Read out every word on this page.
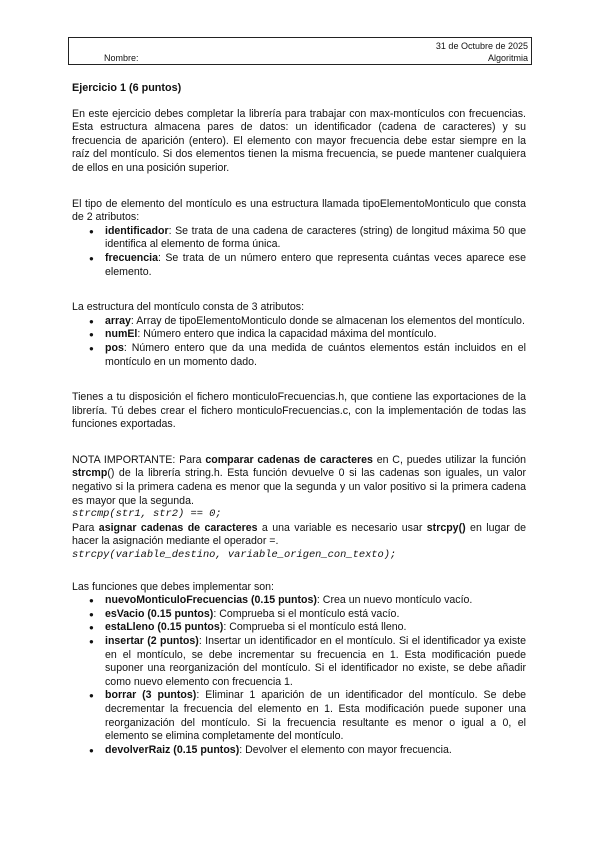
31 de Octubre de 2025
Nombre:	Algoritmia

Ejercicio 1 (6 puntos)

En este ejercicio debes completar la librería para trabajar con max-montículos con frecuencias. Esta estructura almacena pares de datos: un identificador (cadena de caracteres) y su frecuencia de aparición (entero). El elemento con mayor frecuencia debe estar siempre en la raíz del montículo. Si dos elementos tienen la misma frecuencia, se puede mantener cualquiera de ellos en una posición superior.

El tipo de elemento del montículo es una estructura llamada tipoElementoMonticulo que consta de 2 atributos:

● identificador: Se trata de una cadena de caracteres (string) de longitud máxima 50 que identifica al elemento de forma única.
● frecuencia: Se trata de un número entero que representa cuántas veces aparece ese elemento.

La estructura del montículo consta de 3 atributos:

● array: Array de tipoElementoMonticulo donde se almacenan los elementos del montículo.
● numEl: Número entero que indica la capacidad máxima del montículo.
● pos: Número entero que da una medida de cuántos elementos están incluidos en el montículo en un momento dado.

Tienes a tu disposición el fichero monticuloFrecuencias.h, que contiene las exportaciones de la librería. Tú debes crear el fichero monticuloFrecuencias.c, con la implementación de todas las funciones exportadas.

NOTA IMPORTANTE: Para comparar cadenas de caracteres en C, puedes utilizar la función strcmp() de la librería string.h. Esta función devuelve 0 si las cadenas son iguales, un valor negativo si la primera cadena es menor que la segunda y un valor positivo si la primera cadena es mayor que la segunda.

strcmp(str1, str2) == 0;

Para asignar cadenas de caracteres a una variable es necesario usar strcpy() en lugar de hacer la asignación mediante el operador =.

strcpy(variable_destino, variable_origen_con_texto);

Las funciones que debes implementar son:

● nuevoMonticuloFrecuencias (0.15 puntos): Crea un nuevo montículo vacío.
● esVacio (0.15 puntos): Comprueba si el montículo está vacío.
● estaLleno (0.15 puntos): Comprueba si el montículo está lleno.
● insertar (2 puntos): Insertar un identificador en el montículo. Si el identificador ya existe en el montículo, se debe incrementar su frecuencia en 1. Esta modificación puede suponer una reorganización del montículo. Si el identificador no existe, se debe añadir como nuevo elemento con frecuencia 1.
● borrar (3 puntos): Eliminar 1 aparición de un identificador del montículo. Se debe decrementar la frecuencia del elemento en 1. Esta modificación puede suponer una reorganización del montículo. Si la frecuencia resultante es menor o igual a 0, el elemento se elimina completamente del montículo.
● devolverRaiz (0.15 puntos): Devolver el elemento con mayor frecuencia.
